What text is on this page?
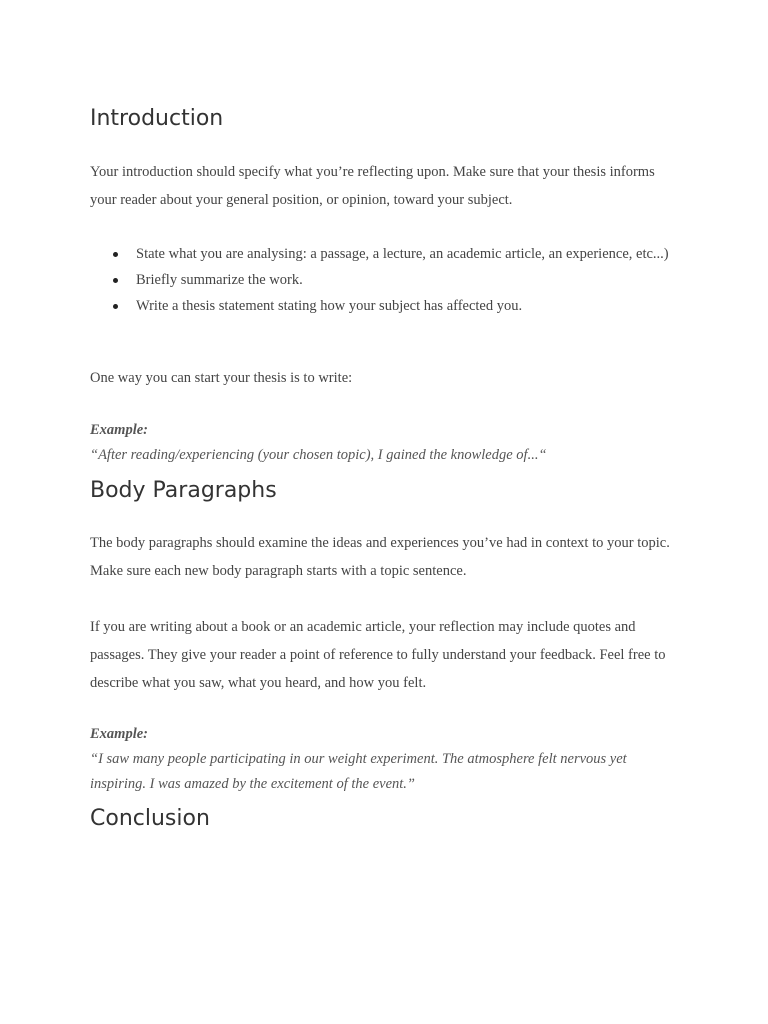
Introduction

Your introduction should specify what you’re reflecting upon. Make sure that your thesis informs your reader about your general position, or opinion, toward your subject.

State what you are analysing: a passage, a lecture, an academic article, an experience, etc...)
Briefly summarize the work.
Write a thesis statement stating how your subject has affected you.

One way you can start your thesis is to write:

Example:
“After reading/experiencing (your chosen topic), I gained the knowledge of...“
Body Paragraphs

The body paragraphs should examine the ideas and experiences you’ve had in context to your topic. Make sure each new body paragraph starts with a topic sentence.

If you are writing about a book or an academic article, your reflection may include quotes and passages. They give your reader a point of reference to fully understand your feedback. Feel free to describe what you saw, what you heard, and how you felt.

Example:
“I saw many people participating in our weight experiment. The atmosphere felt nervous yet inspiring. I was amazed by the excitement of the event.”
Conclusion
